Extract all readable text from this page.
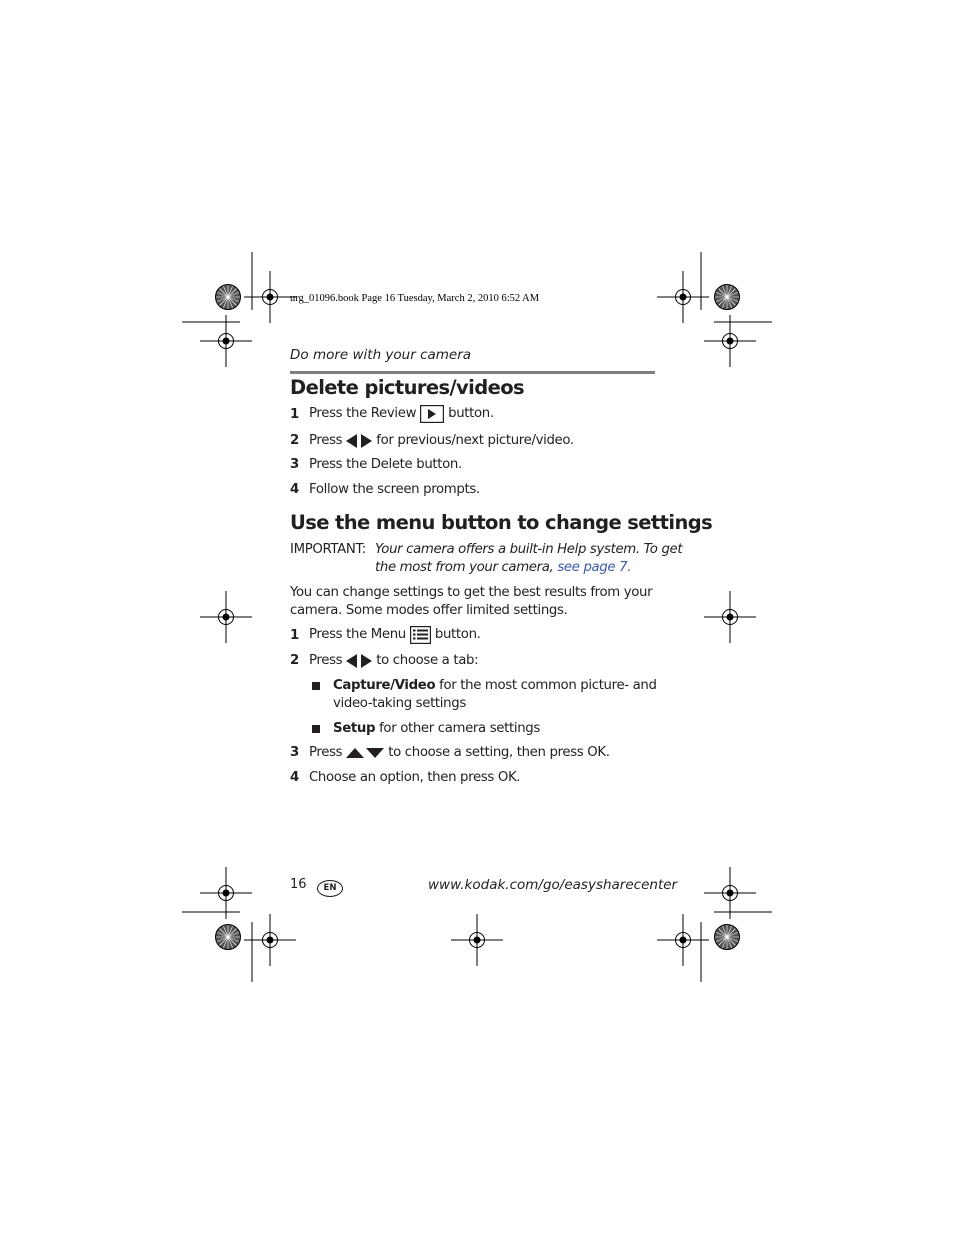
urg_01096.book Page 16 Tuesday, March 2, 2010 6:52 AM
Do more with your camera
Delete pictures/videos
1 Press the Review button.
2 Press	for previous/next picture/video.
3 Press the Delete button.
4 Follow the screen prompts.
Use the menu button to change settings
IMPORTANT: Your camera offers a built-in Help system. To get
the most from your camera, see page 7.
You can change settings to get the best results from your
camera. Some modes offer limited settings.
1 Press the Menu button.
2 Press	to choose a tab:
Capture/Video for the most common picture- and
video-taking settings
Setup for other camera settings
3 Press	to choose a setting, then press OK.
4 Choose an option, then press OK.
16	EN	www.kodak.com/go/easysharecenter
